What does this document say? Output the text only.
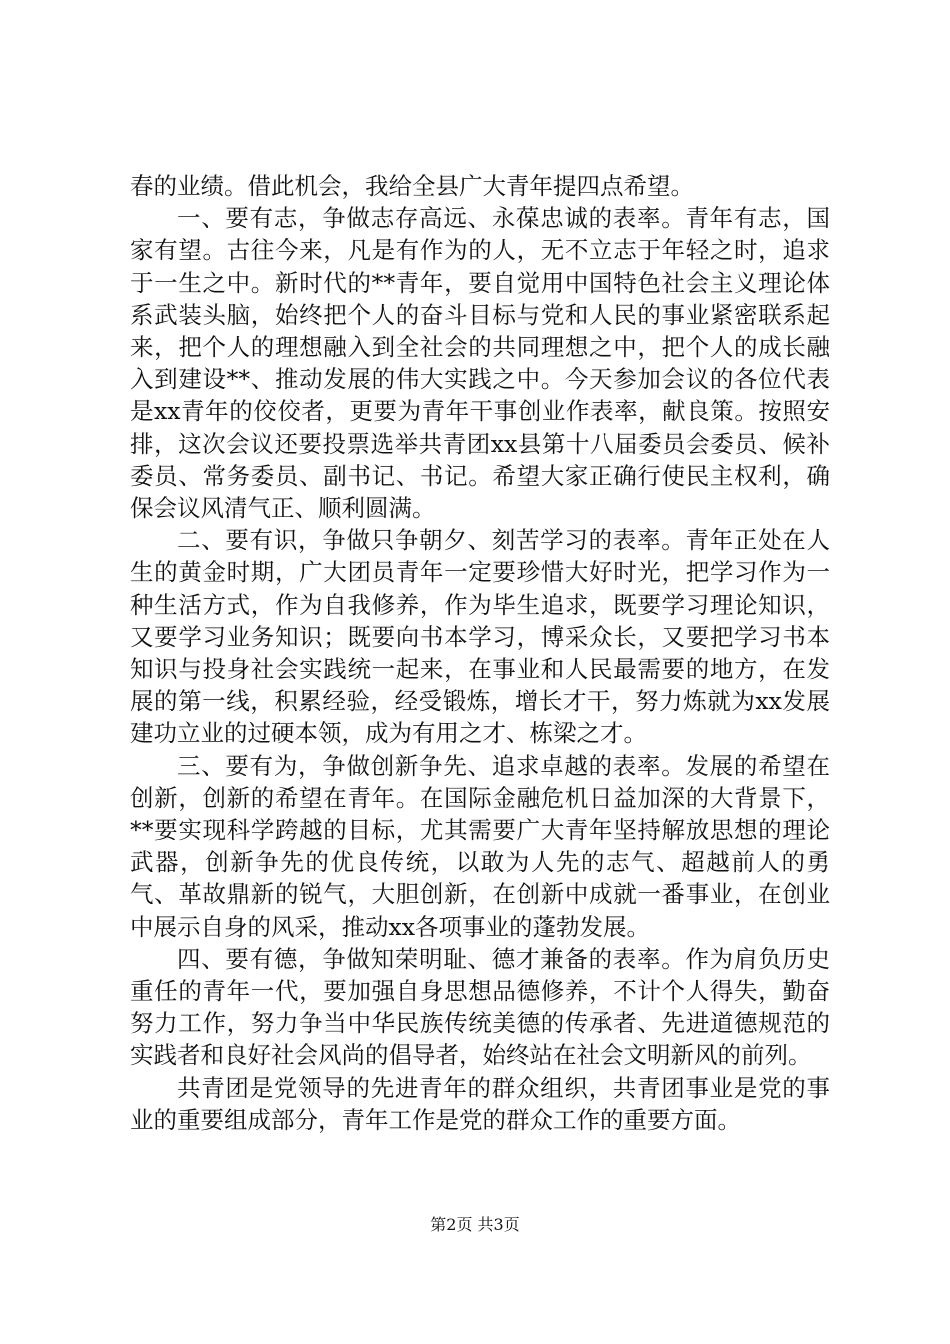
春的业绩。借此机会，我给全县广大青年提四点希望。

一、要有志，争做志存高远、永葆忠诚的表率。青年有志，国家有望。古往今来，凡是有作为的人，无不立志于年轻之时，追求于一生之中。新时代的**青年，要自觉用中国特色社会主义理论体系武装头脑，始终把个人的奋斗目标与党和人民的事业紧密联系起来，把个人的理想融入到全社会的共同理想之中，把个人的成长融入到建设**、推动发展的伟大实践之中。今天参加会议的各位代表是xx青年的佼佼者，更要为青年干事创业作表率，献良策。按照安排，这次会议还要投票选举共青团xx县第十八届委员会委员、候补委员、常务委员、副书记、书记。希望大家正确行使民主权利，确保会议风清气正、顺利圆满。

二、要有识，争做只争朝夕、刻苦学习的表率。青年正处在人生的黄金时期，广大团员青年一定要珍惜大好时光，把学习作为一种生活方式，作为自我修养，作为毕生追求，既要学习理论知识，又要学习业务知识；既要向书本学习，博采众长，又要把学习书本知识与投身社会实践统一起来，在事业和人民最需要的地方，在发展的第一线，积累经验，经受锻炼，增长才干，努力炼就为xx发展建功立业的过硬本领，成为有用之才、栋梁之才。

三、要有为，争做创新争先、追求卓越的表率。发展的希望在创新，创新的希望在青年。在国际金融危机日益加深的大背景下，**要实现科学跨越的目标，尤其需要广大青年坚持解放思想的理论武器，创新争先的优良传统，以敢为人先的志气、超越前人的勇气、革故鼎新的锐气，大胆创新，在创新中成就一番事业，在创业中展示自身的风采，推动xx各项事业的蓬勃发展。

四、要有德，争做知荣明耻、德才兼备的表率。作为肩负历史重任的青年一代，要加强自身思想品德修养，不计个人得失，勤奋努力工作，努力争当中华民族传统美德的传承者、先进道德规范的实践者和良好社会风尚的倡导者，始终站在社会文明新风的前列。

共青团是党领导的先进青年的群众组织，共青团事业是党的事业的重要组成部分，青年工作是党的群众工作的重要方面。

第2页 共3页
